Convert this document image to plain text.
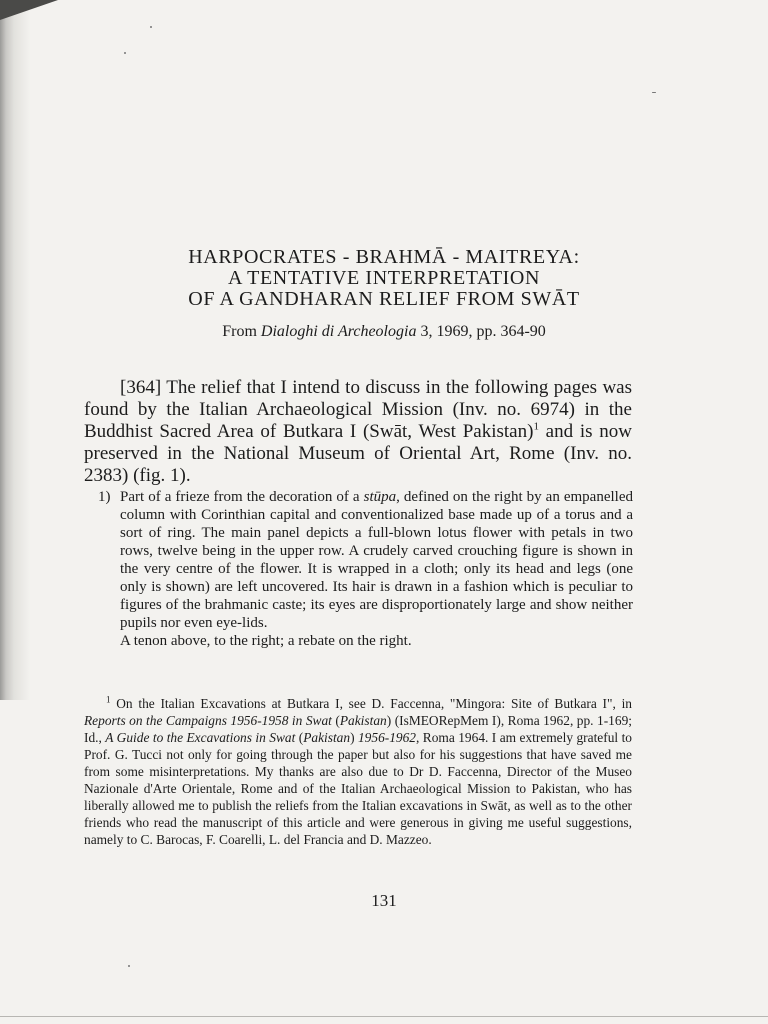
HARPOCRATES - BRAHMĀ - MAITREYA:
A TENTATIVE INTERPRETATION
OF A GANDHARAN RELIEF FROM SWĀT
From Dialoghi di Archeologia 3, 1969, pp. 364-90
[364] The relief that I intend to discuss in the following pages was found by the Italian Archaeological Mission (Inv. no. 6974) in the Buddhist Sacred Area of Butkara I (Swāt, West Pakistan)$^1$ and is now preserved in the National Museum of Oriental Art, Rome (Inv. no. 2383) (fig. 1).
1) Part of a frieze from the decoration of a stūpa, defined on the right by an empanelled column with Corinthian capital and conventionalized base made up of a torus and a sort of ring. The main panel depicts a full-blown lotus flower with petals in two rows, twelve being in the upper row. A crudely carved crouching figure is shown in the very centre of the flower. It is wrapped in a cloth; only its head and legs (one only is shown) are left uncovered. Its hair is drawn in a fashion which is peculiar to figures of the brahmanic caste; its eyes are disproportionately large and show neither pupils nor even eye-lids.
A tenon above, to the right; a rebate on the right.
$^1$ On the Italian Excavations at Butkara I, see D. Faccenna, "Mingora: Site of Butkara I", in Reports on the Campaigns 1956-1958 in Swat (Pakistan) (IsMEORepMem I), Roma 1962, pp. 1-169; Id., A Guide to the Excavations in Swat (Pakistan) 1956-1962, Roma 1964. I am extremely grateful to Prof. G. Tucci not only for going through the paper but also for his suggestions that have saved me from some misinterpretations. My thanks are also due to Dr D. Faccenna, Director of the Museo Nazionale d'Arte Orientale, Rome and of the Italian Archaeological Mission to Pakistan, who has liberally allowed me to publish the reliefs from the Italian excavations in Swāt, as well as to the other friends who read the manuscript of this article and were generous in giving me useful suggestions, namely to C. Barocas, F. Coarelli, L. del Francia and D. Mazzeo.
131
